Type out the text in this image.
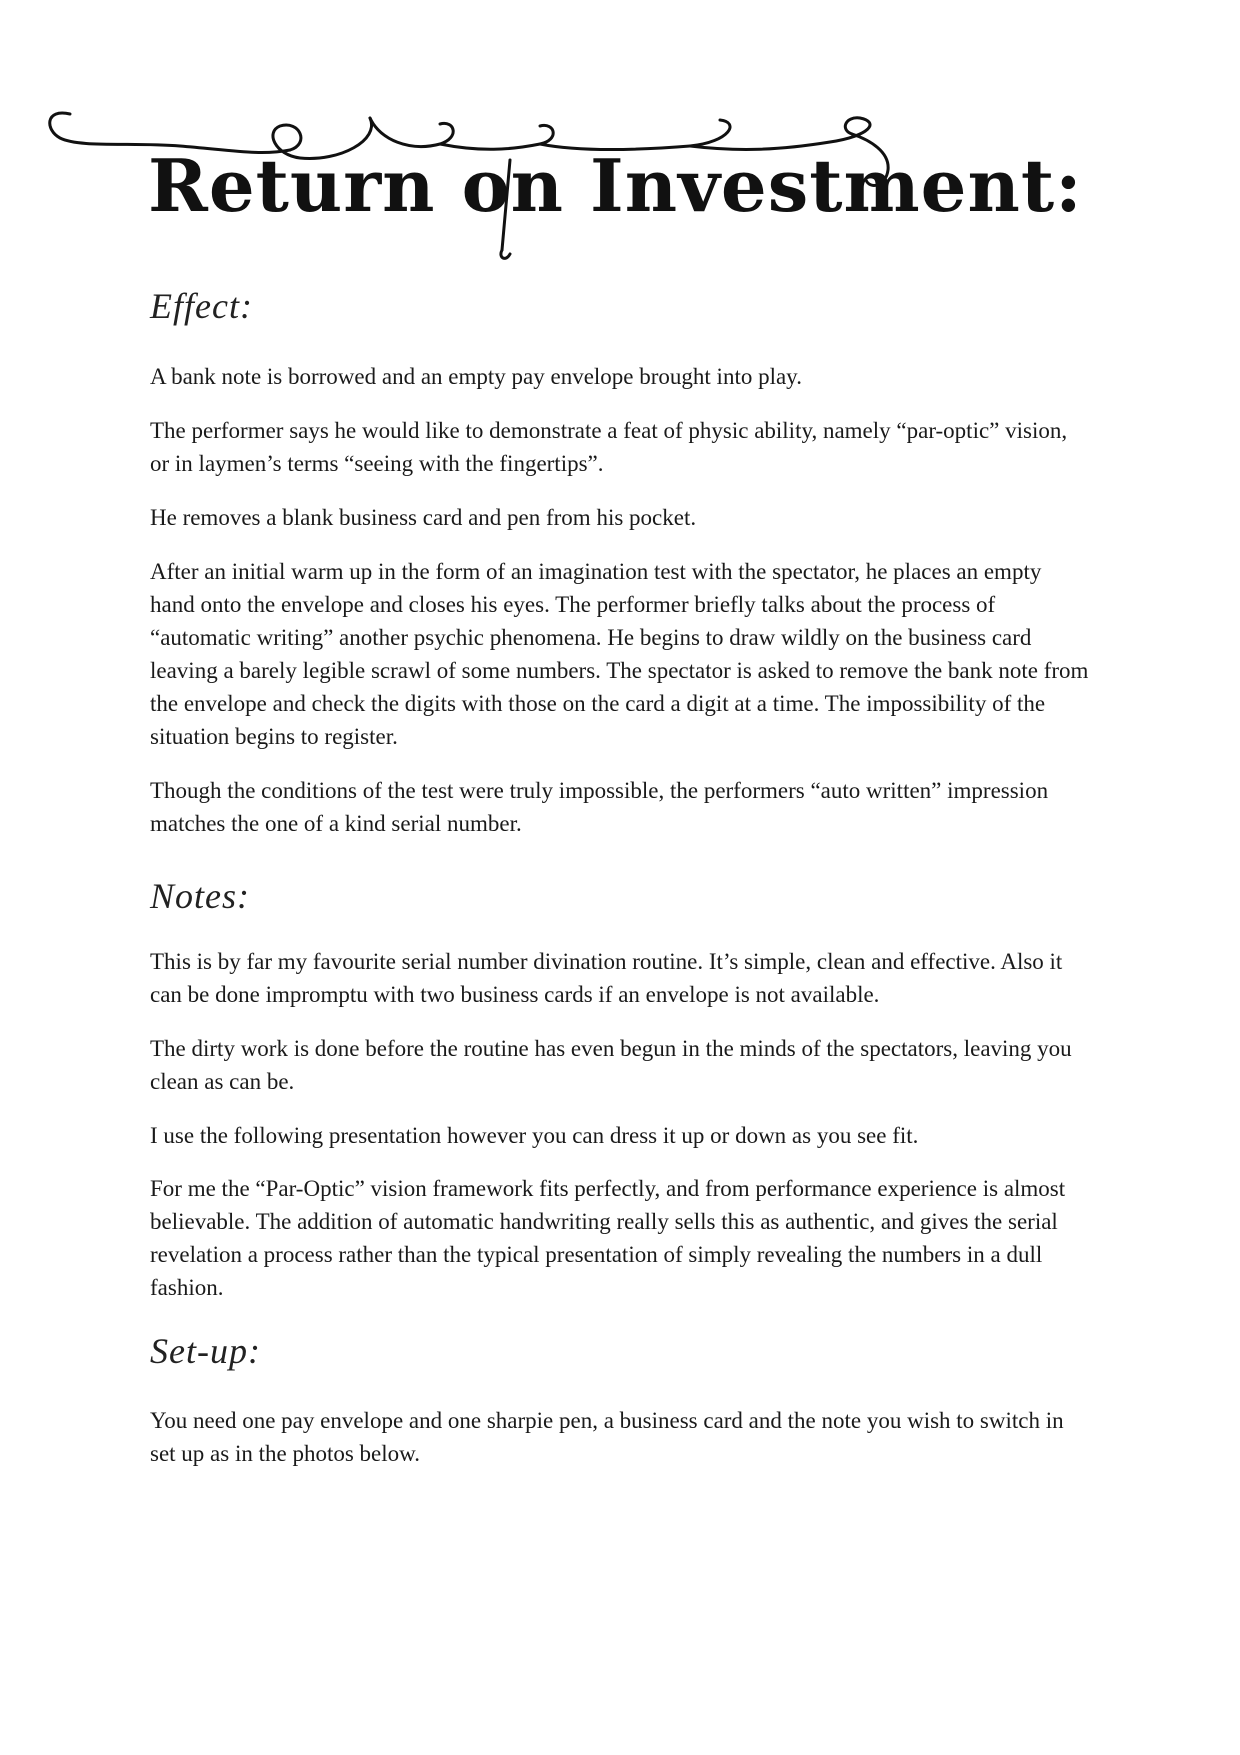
Return on Investment:
Effect:

A bank note is borrowed and an empty pay envelope brought into play.

The performer says he would like to demonstrate a feat of physic ability, namely “par-optic” vision, or in laymen’s terms “seeing with the fingertips”.

He removes a blank business card and pen from his pocket.

After an initial warm up in the form of an imagination test with the spectator, he places an empty hand onto the envelope and closes his eyes. The performer briefly talks about the process of “automatic writing” another psychic phenomena. He begins to draw wildly on the business card leaving a barely legible scrawl of some numbers. The spectator is asked to remove the bank note from the envelope and check the digits with those on the card a digit at a time. The impossibility of the situation begins to register.

Though the conditions of the test were truly impossible, the performers “auto written” impression matches the one of a kind serial number.

Notes:

This is by far my favourite serial number divination routine. It’s simple, clean and effective. Also it can be done impromptu with two business cards if an envelope is not available.

The dirty work is done before the routine has even begun in the minds of the spectators, leaving you clean as can be.

I use the following presentation however you can dress it up or down as you see fit.

For me the “Par-Optic” vision framework fits perfectly, and from performance experience is almost believable. The addition of automatic handwriting really sells this as authentic, and gives the serial revelation a process rather than the typical presentation of simply revealing the numbers in a dull fashion.

Set-up:

You need one pay envelope and one sharpie pen, a business card and the note you wish to switch in set up as in the photos below.
